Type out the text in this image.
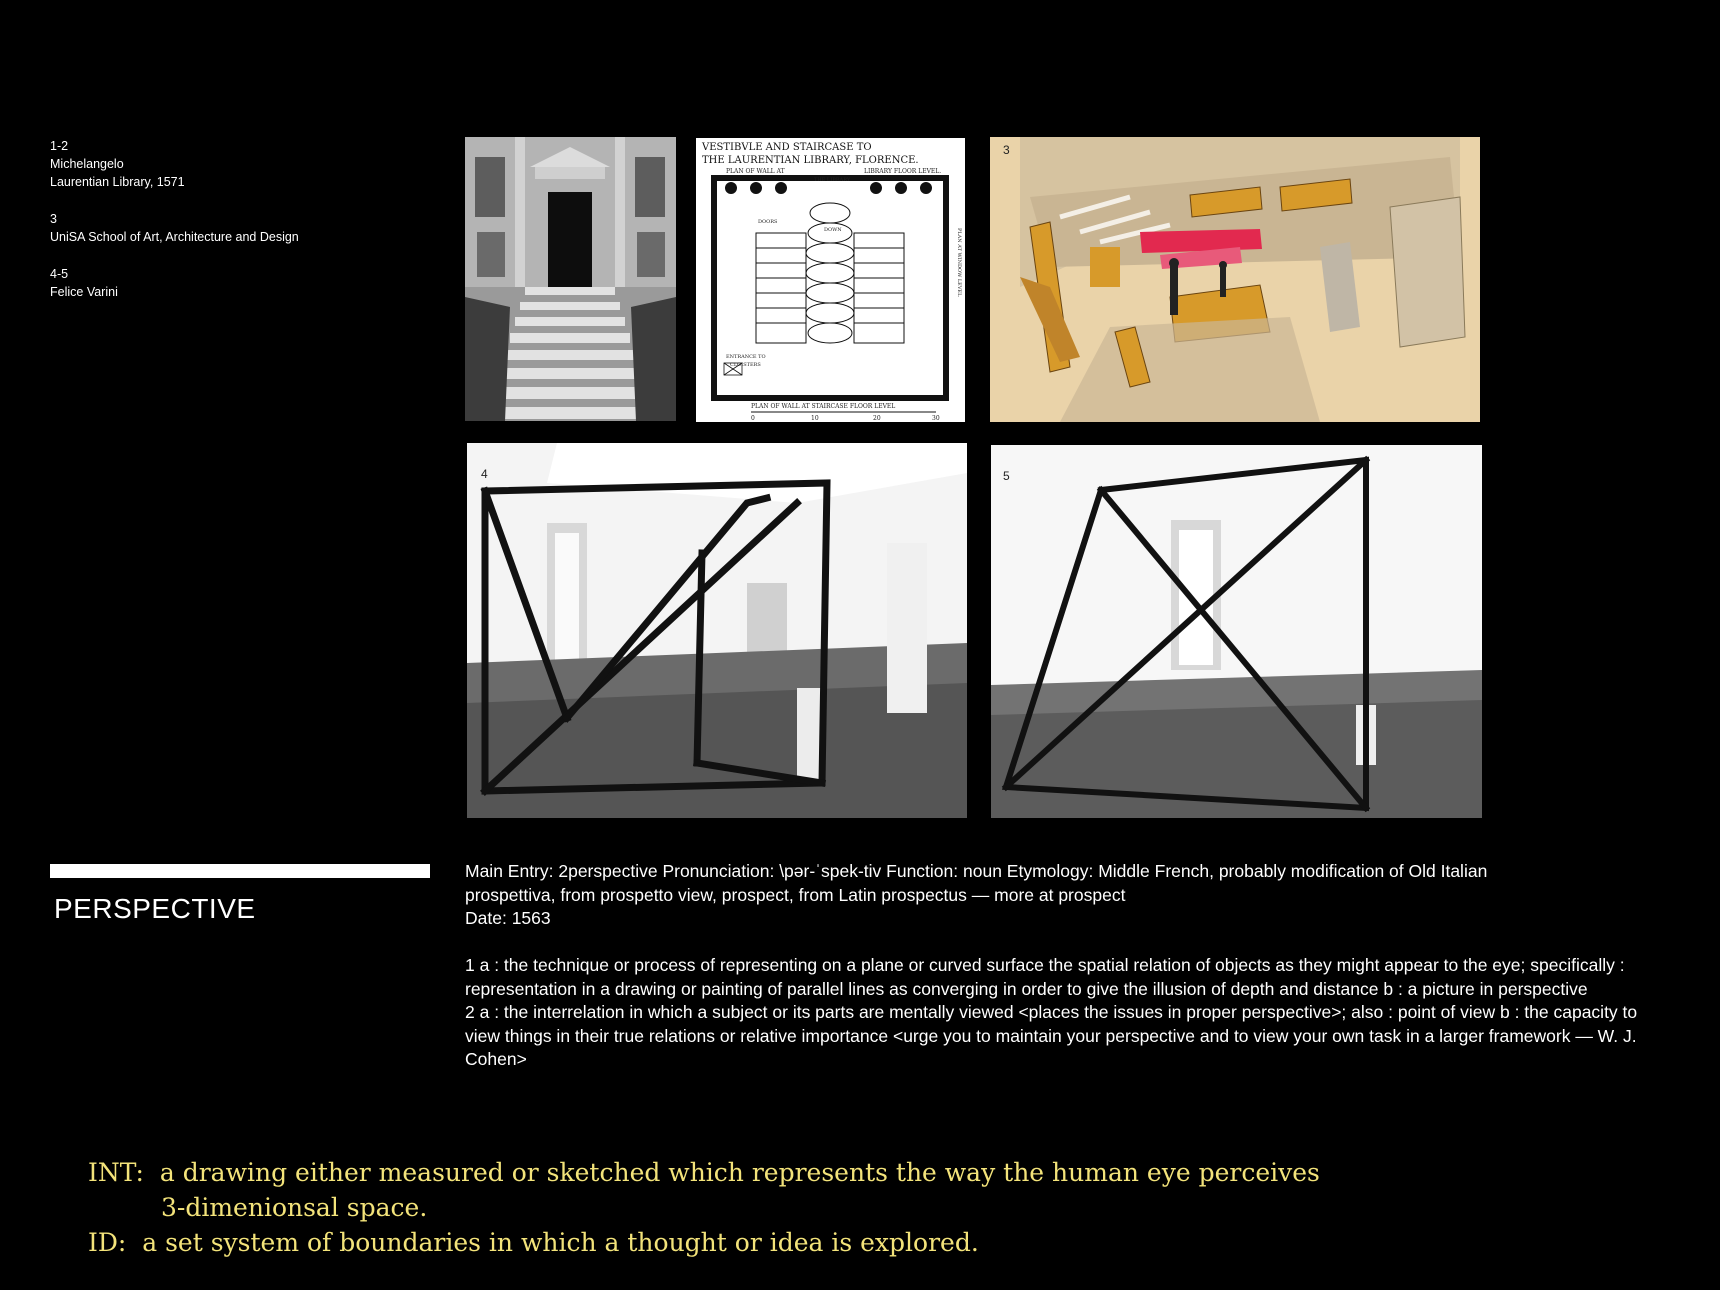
1-2
Michelangelo
Laurentian Library, 1571
3
UniSA School of Art, Architecture and Design
4-5
Felice Varini
PERSPECTIVE
VESTIBVLE AND STAIRCASE TO
THE LAURENTIAN LIBRARY, FLORENCE.
PLAN OF WALL AT	LIBRARY FLOOR LEVEL.
THE LIBRARY
DOWN
DOORS
ENTRANCE TO
CLOISTERS
PLAN AT WINDOW LEVEL
PLAN OF WALL AT STAIRCASE FLOOR LEVEL
0	10	20	30
3
4	5

Main Entry: 2perspective Pronunciation: \pər-ˈspek-tiv Function: noun Etymology: Middle French, probably modification of Old Italian

prospettiva, from prospetto view, prospect, from Latin prospectus — more at prospect

Date: 1563

1 a : the technique or process of representing on a plane or curved surface the spatial relation of objects as they might appear to the eye; specifically : representation in a drawing or painting of parallel lines as converging in order to give the illusion of depth and distance b : a picture in perspective

2 a : the interrelation in which a subject or its parts are mentally viewed <places the issues in proper perspective>; also : point of view b : the capacity to view things in their true relations or relative importance <urge you to maintain your perspective and to view your own task in a larger framework — W. J. Cohen>

INT: a drawing either measured or sketched which represents the way the human eye perceives
3-dimenionsal space.
ID: a set system of boundaries in which a thought or idea is explored.
